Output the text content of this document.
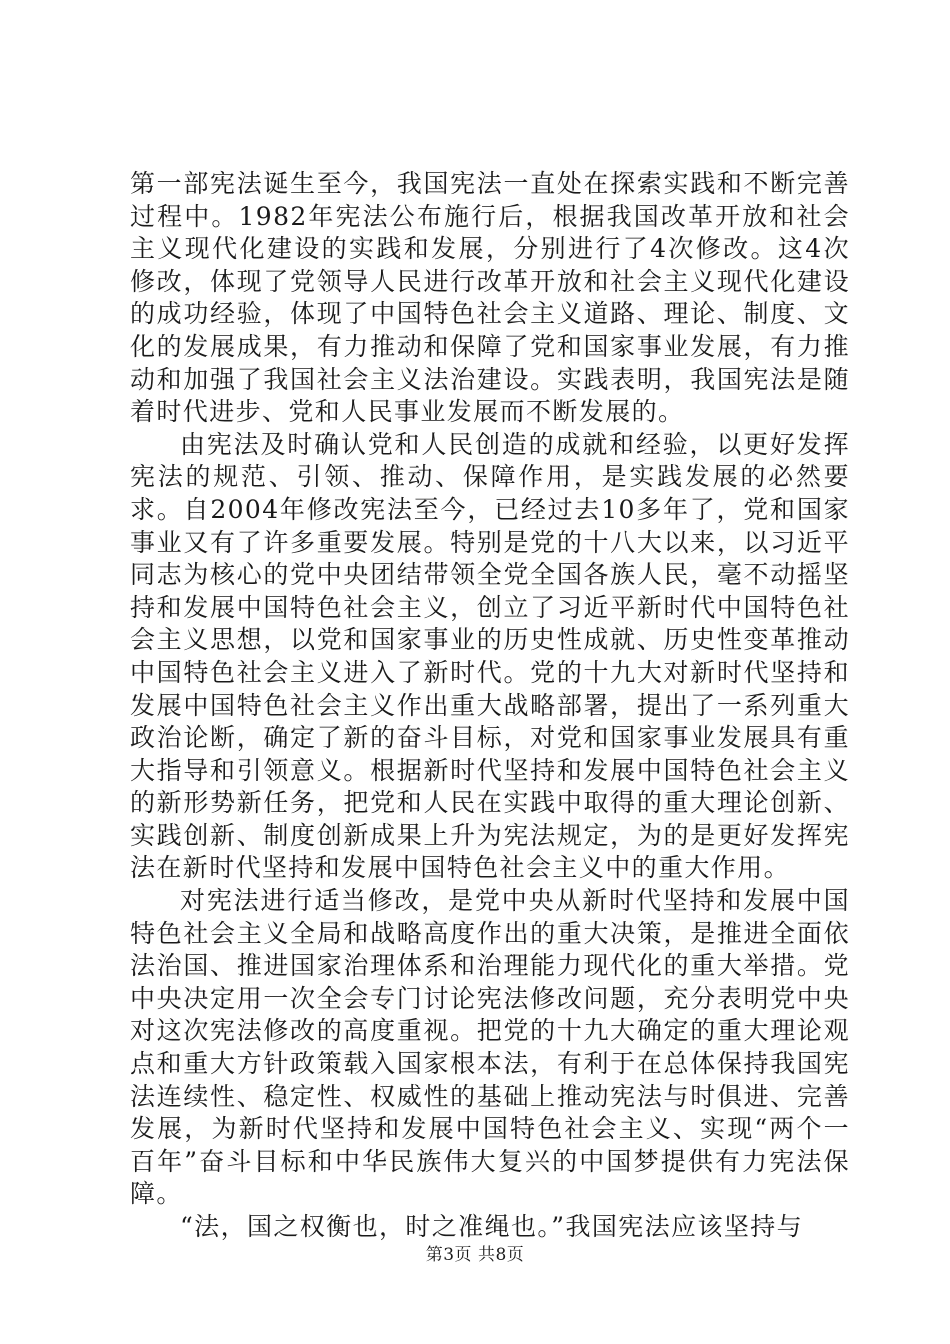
第一部宪法诞生至今，我国宪法一直处在探索实践和不断完善过程中。1982年宪法公布施行后，根据我国改革开放和社会主义现代化建设的实践和发展，分别进行了4次修改。这4次修改，体现了党领导人民进行改革开放和社会主义现代化建设的成功经验，体现了中国特色社会主义道路、理论、制度、文化的发展成果，有力推动和保障了党和国家事业发展，有力推动和加强了我国社会主义法治建设。实践表明，我国宪法是随着时代进步、党和人民事业发展而不断发展的。

由宪法及时确认党和人民创造的成就和经验，以更好发挥宪法的规范、引领、推动、保障作用，是实践发展的必然要求。自2004年修改宪法至今，已经过去10多年了，党和国家事业又有了许多重要发展。特别是党的十八大以来，以习近平同志为核心的党中央团结带领全党全国各族人民，毫不动摇坚持和发展中国特色社会主义，创立了习近平新时代中国特色社会主义思想，以党和国家事业的历史性成就、历史性变革推动中国特色社会主义进入了新时代。党的十九大对新时代坚持和发展中国特色社会主义作出重大战略部署，提出了一系列重大政治论断，确定了新的奋斗目标，对党和国家事业发展具有重大指导和引领意义。根据新时代坚持和发展中国特色社会主义的新形势新任务，把党和人民在实践中取得的重大理论创新、实践创新、制度创新成果上升为宪法规定，为的是更好发挥宪法在新时代坚持和发展中国特色社会主义中的重大作用。

对宪法进行适当修改，是党中央从新时代坚持和发展中国特色社会主义全局和战略高度作出的重大决策，是推进全面依法治国、推进国家治理体系和治理能力现代化的重大举措。党中央决定用一次全会专门讨论宪法修改问题，充分表明党中央对这次宪法修改的高度重视。把党的十九大确定的重大理论观点和重大方针政策载入国家根本法，有利于在总体保持我国宪法连续性、稳定性、权威性的基础上推动宪法与时俱进、完善发展，为新时代坚持和发展中国特色社会主义、实现“两个一百年”奋斗目标和中华民族伟大复兴的中国梦提供有力宪法保障。

“法，国之权衡也，时之准绳也。”我国宪法应该坚持与

第3页 共8页
